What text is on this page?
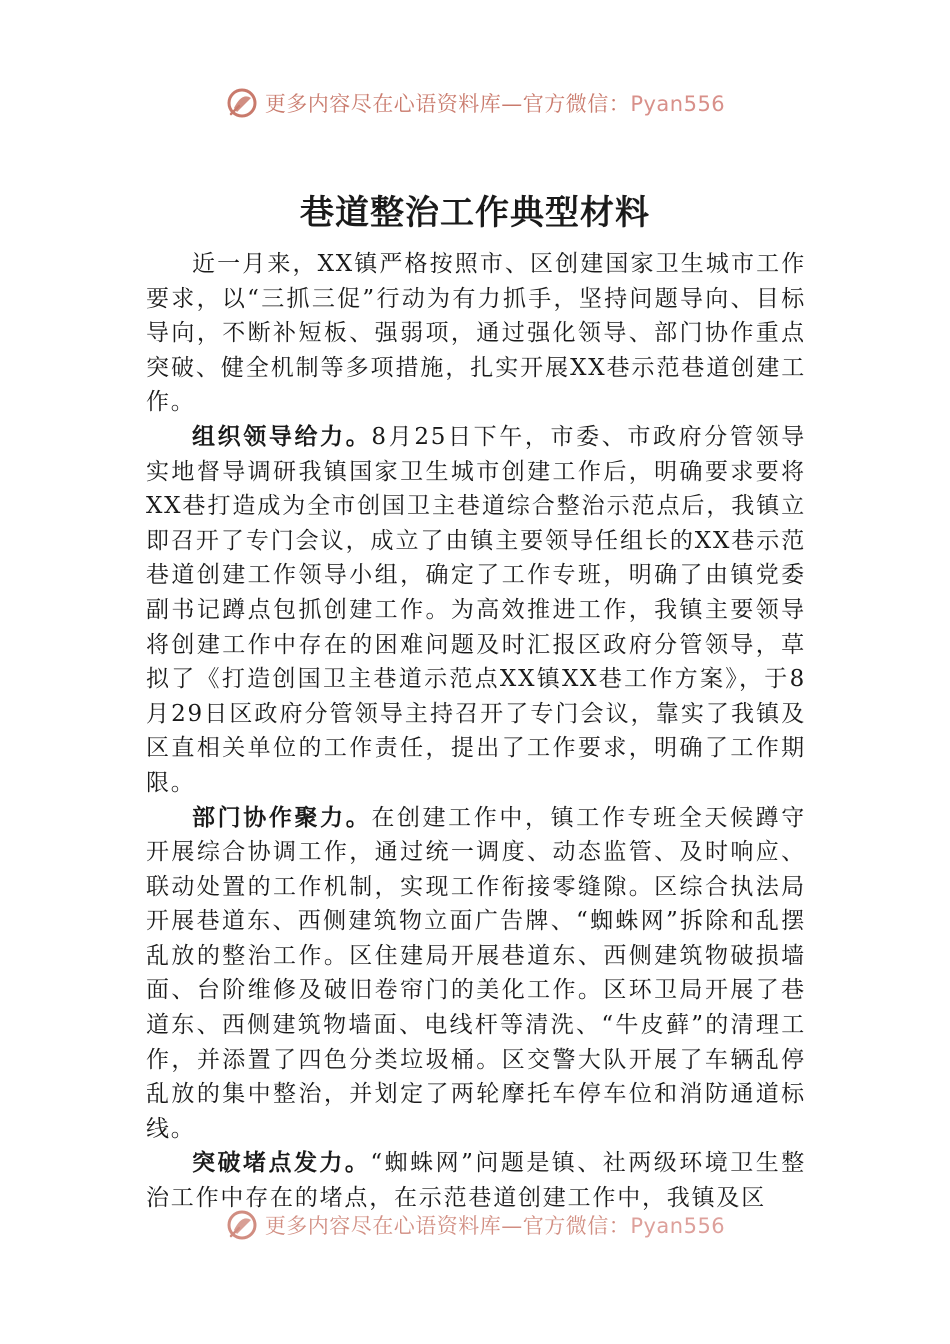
更多内容尽在心语资料库—官方微信：Pyan556
巷道整治工作典型材料

近一月来，XX镇严格按照市、区创建国家卫生城市工作要求，以“三抓三促”行动为有力抓手，坚持问题导向、目标导向，不断补短板、强弱项，通过强化领导、部门协作重点突破、健全机制等多项措施，扎实开展XX巷示范巷道创建工作。

组织领导给力。8月25日下午，市委、市政府分管领导实地督导调研我镇国家卫生城市创建工作后，明确要求要将XX巷打造成为全市创国卫主巷道综合整治示范点后，我镇立即召开了专门会议，成立了由镇主要领导任组长的XX巷示范巷道创建工作领导小组，确定了工作专班，明确了由镇党委副书记蹲点包抓创建工作。为高效推进工作，我镇主要领导将创建工作中存在的困难问题及时汇报区政府分管领导，草拟了《打造创国卫主巷道示范点XX镇XX巷工作方案》，于8月29日区政府分管领导主持召开了专门会议，靠实了我镇及区直相关单位的工作责任，提出了工作要求，明确了工作期限。

部门协作聚力。在创建工作中，镇工作专班全天候蹲守开展综合协调工作，通过统一调度、动态监管、及时响应、联动处置的工作机制，实现工作衔接零缝隙。区综合执法局开展巷道东、西侧建筑物立面广告牌、“蜘蛛网”拆除和乱摆乱放的整治工作。区住建局开展巷道东、西侧建筑物破损墙面、台阶维修及破旧卷帘门的美化工作。区环卫局开展了巷道东、西侧建筑物墙面、电线杆等清洗、“牛皮藓”的清理工作，并添置了四色分类垃圾桶。区交警大队开展了车辆乱停乱放的集中整治，并划定了两轮摩托车停车位和消防通道标线。

突破堵点发力。“蜘蛛网”问题是镇、社两级环境卫生整治工作中存在的堵点，在示范巷道创建工作中，我镇及区

更多内容尽在心语资料库—官方微信：Pyan556
